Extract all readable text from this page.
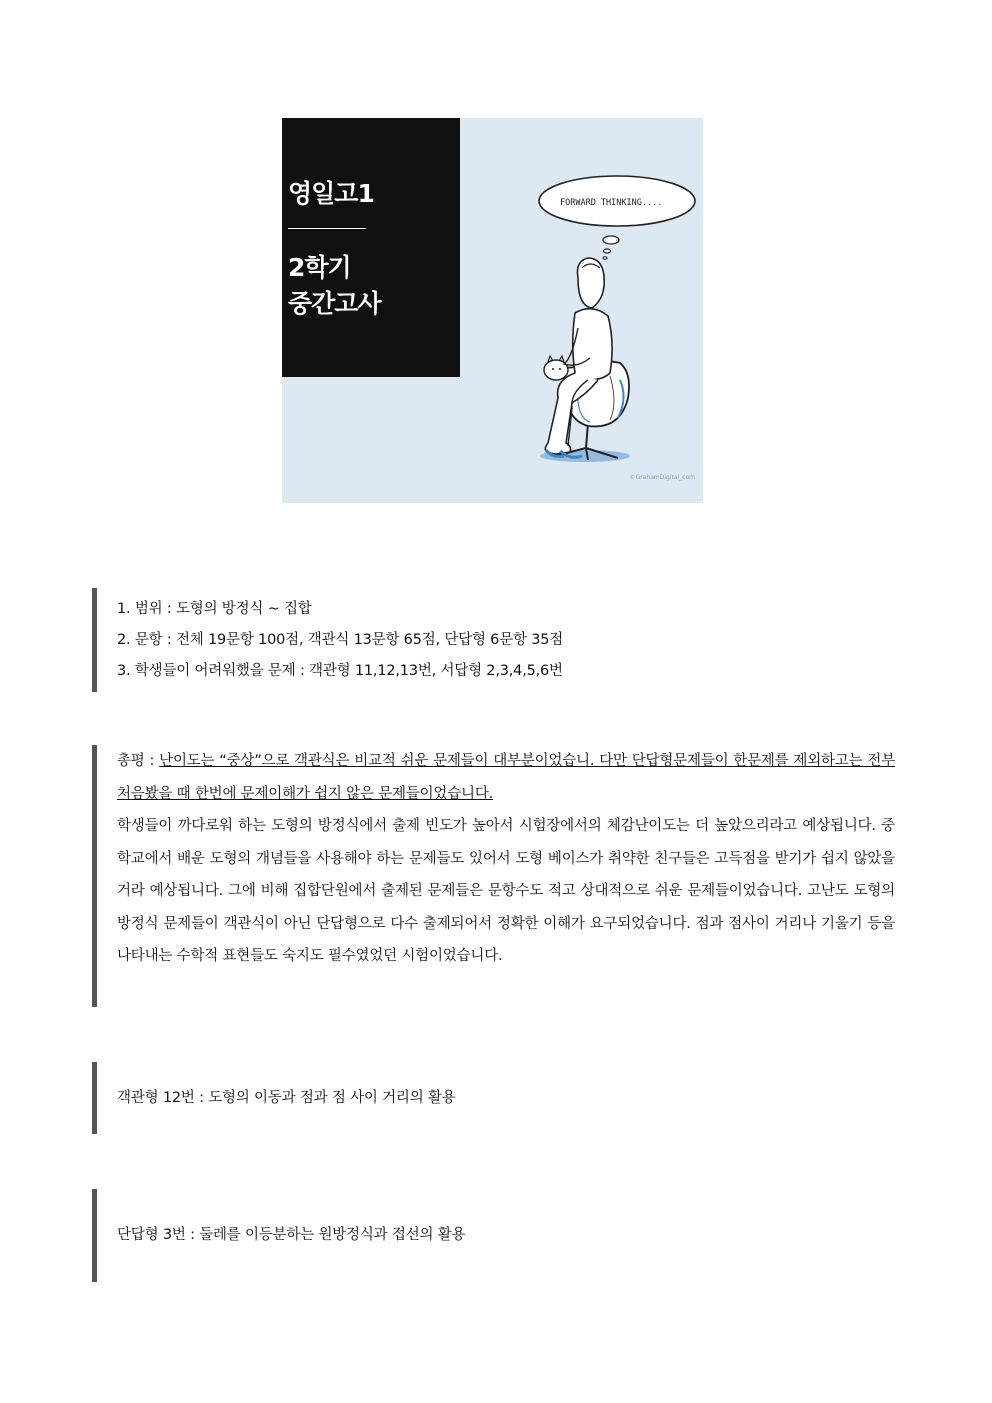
영일고1
2학기
중간고사
FORWARD THINKING....
©GrahamDigital_com
1. 범위 : 도형의 방정식 ~ 집합
2. 문항 : 전체 19문항 100점, 객관식 13문항 65점, 단답형 6문항 35점
3. 학생들이 어려워했을 문제 : 객관형 11,12,13번, 서답형 2,3,4,5,6번

총평 : 난이도는 “중상”으로 객관식은 비교적 쉬운 문제들이 대부분이었습니. 다만 단답형문제들이 한문제를 제외하고는 전부 처음봤을 때 한번에 문제이해가 쉽지 않은 문제들이었습니다.

학생들이 까다로워 하는 도형의 방정식에서 출제 빈도가 높아서 시험장에서의 체감난이도는 더 높았으리라고 예상됩니다. 중학교에서 배운 도형의 개념들을 사용해야 하는 문제들도 있어서 도형 베이스가 취약한 친구들은 고득점을 받기가 쉽지 않았을거라 예상됩니다. 그에 비해 집합단원에서 출제된 문제들은 문항수도 적고 상대적으로 쉬운 문제들이었습니다. 고난도 도형의 방정식 문제들이 객관식이 아닌 단답형으로 다수 출제되어서 정확한 이해가 요구되었습니다. 점과 점사이 거리나 기울기 등을 나타내는 수학적 표현들도 숙지도 필수였었던 시험이었습니다.

객관형 12번 : 도형의 이동과 점과 점 사이 거리의 활용
단답형 3번 : 둘레를 이등분하는 원방정식과 접선의 활용
